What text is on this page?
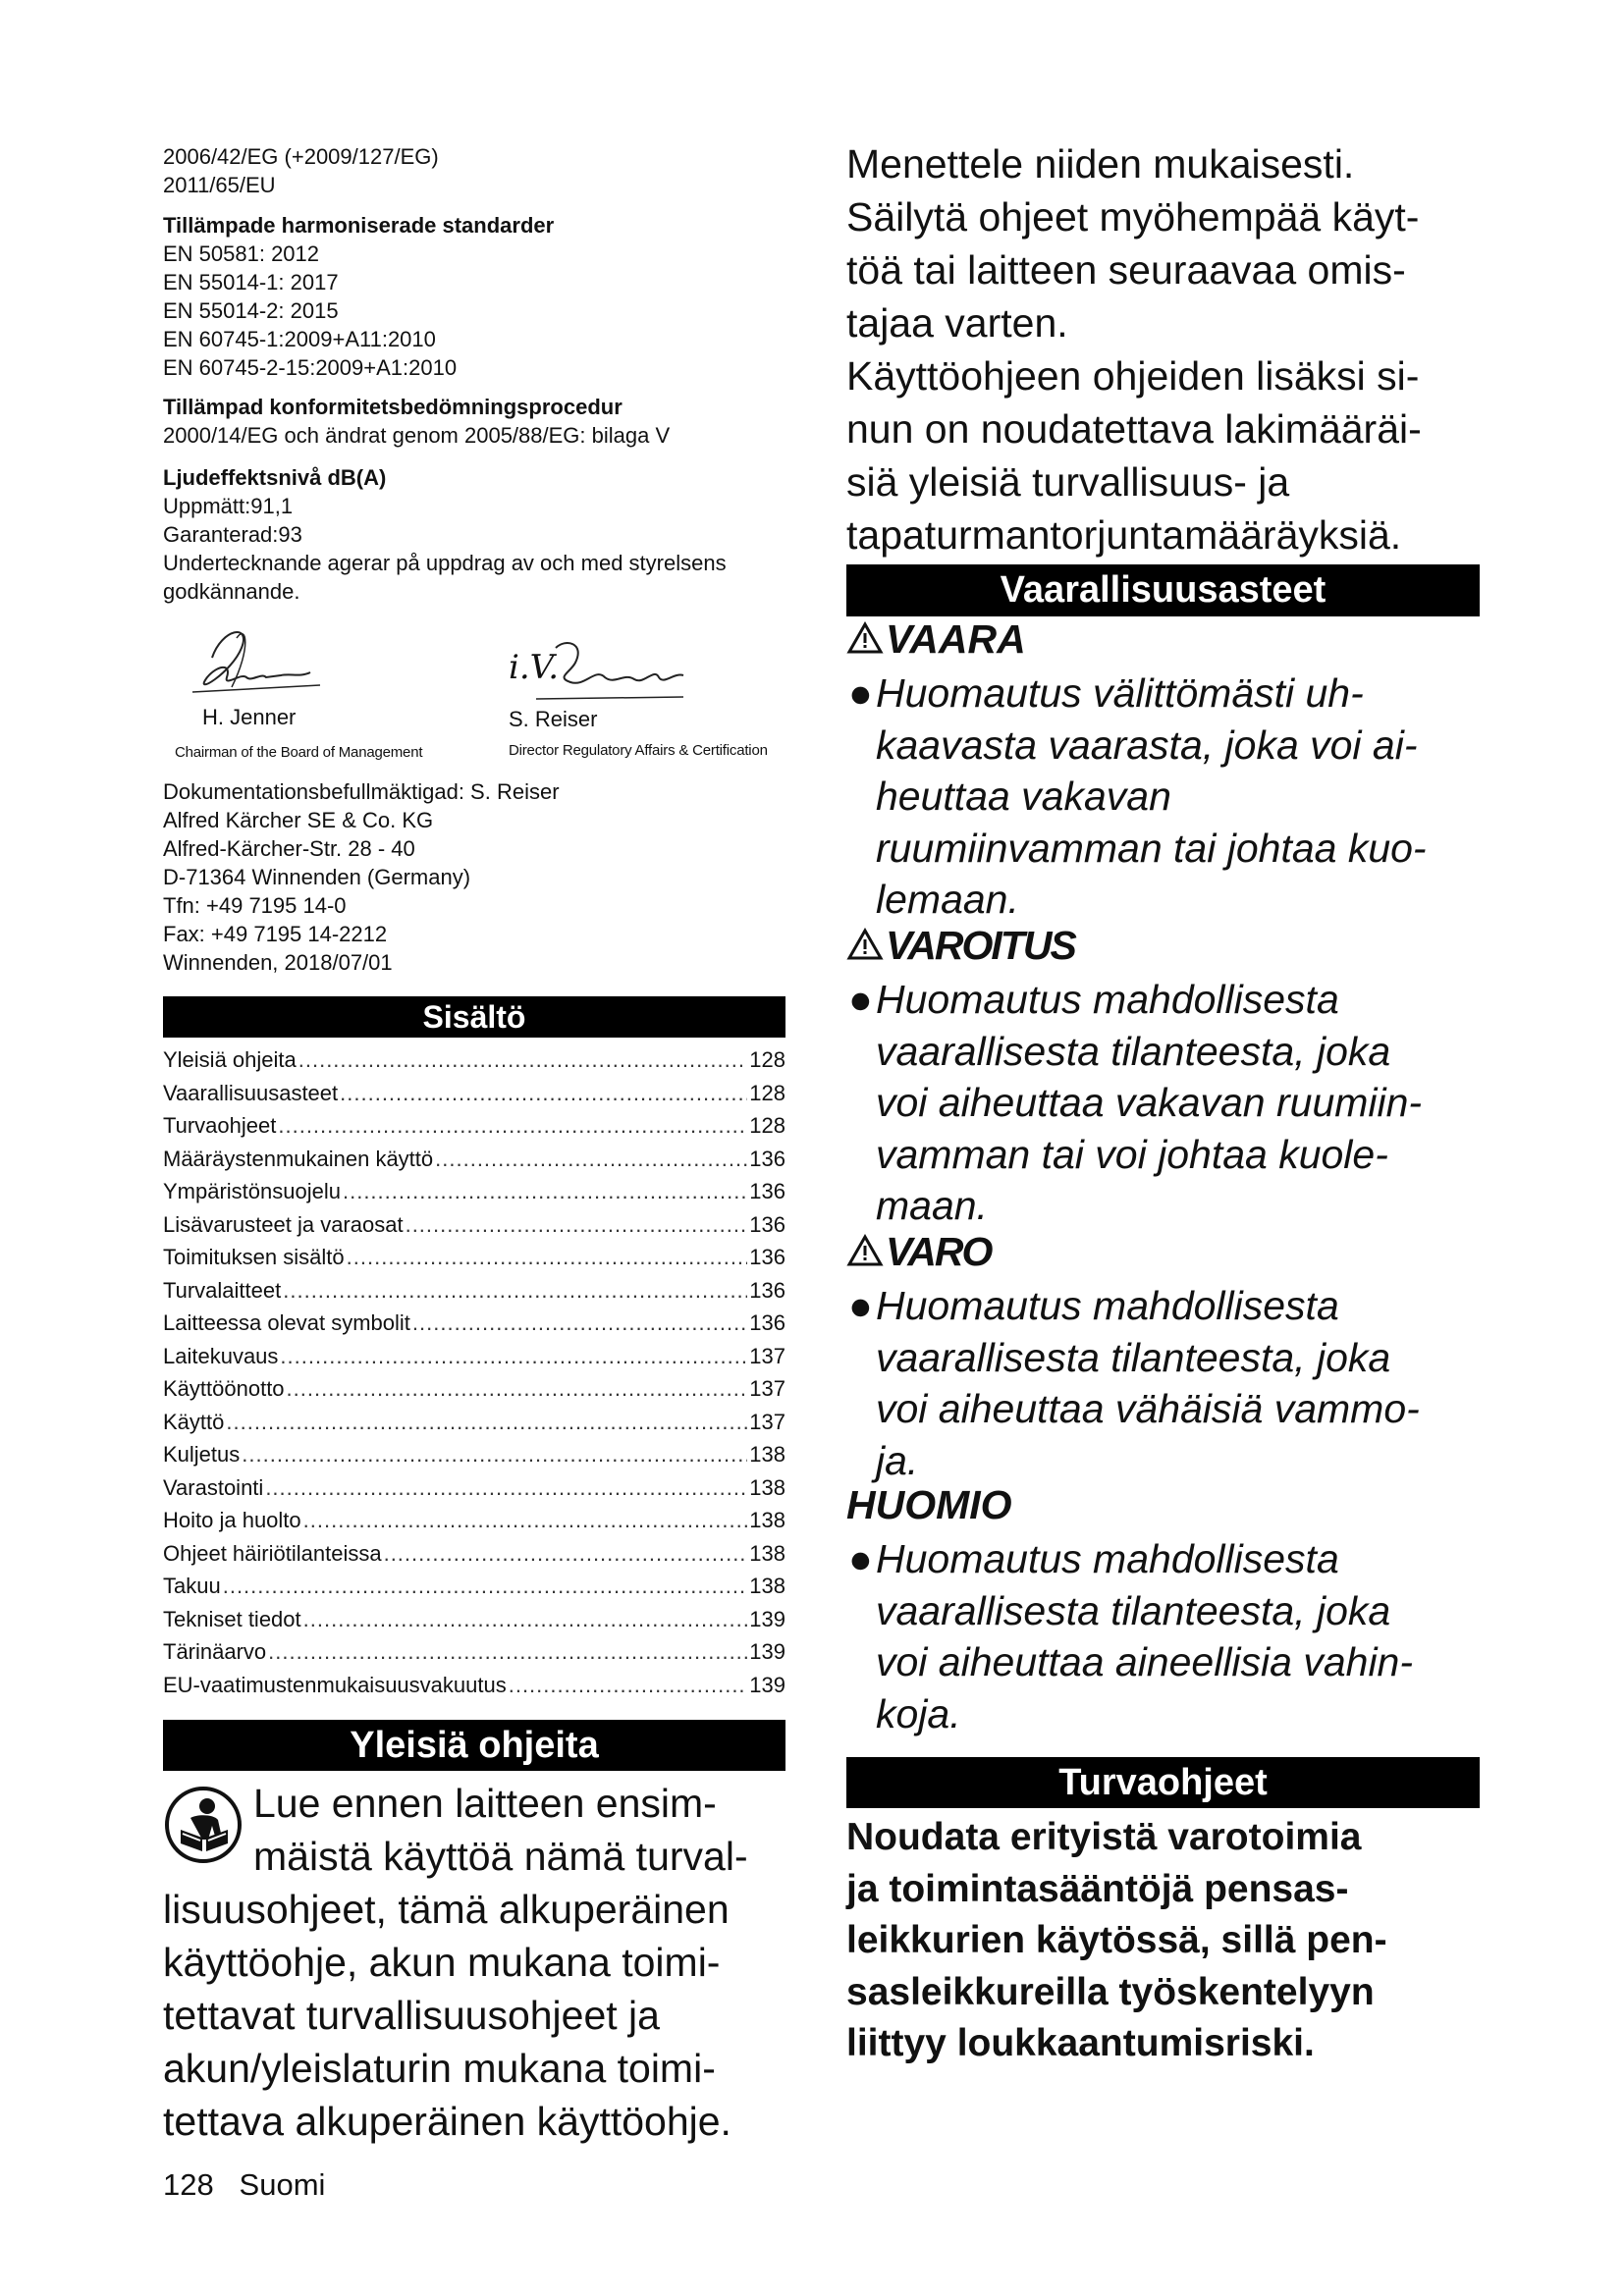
2006/42/EG (+2009/127/EG)
2011/65/EU
Tillämpade harmoniserade standarder
EN 50581: 2012
EN 55014-1: 2017
EN 55014-2: 2015
EN 60745-1:2009+A11:2010
EN 60745-2-15:2009+A1:2010
Tillämpad konformitetsbedömningsprocedur
2000/14/EG och ändrat genom 2005/88/EG: bilaga V
Ljudeffektsnivå dB(A)
Uppmätt:91,1
Garanterad:93
Undertecknande agerar på uppdrag av och med styrelsens godkännande.
H. Jenner
Chairman of the Board of Management
i.V.
S. Reiser
Director Regulatory Affairs & Certification
Dokumentationsbefullmäktigad: S. Reiser
Alfred Kärcher SE & Co. KG
Alfred-Kärcher-Str. 28 - 40
D-71364 Winnenden (Germany)
Tfn: +49 7195 14-0
Fax: +49 7195 14-2212
Winnenden, 2018/07/01
Sisältö
Yleisiä ohjeita .....	128
Vaarallisuusasteet .....	128
Turvaohjeet .....	128
Määräystenmukainen käyttö .....	136
Ympäristönsuojelu .....	136
Lisävarusteet ja varaosat .....	136
Toimituksen sisältö .....	136
Turvalaitteet .....	136
Laitteessa olevat symbolit .....	136
Laitekuvaus .....	137
Käyttöönotto .....	137
Käyttö .....	137
Kuljetus .....	138
Varastointi .....	138
Hoito ja huolto .....	138
Ohjeet häiriötilanteissa .....	138
Takuu .....	138
Tekniset tiedot .....	139
Tärinäarvo .....	139
EU-vaatimustenmukaisuusvakuutus .....	139
Yleisiä ohjeita
Lue ennen laitteen ensim-
mäistä käyttöä nämä turval-
lisuusohjeet, tämä alkuperäinen
käyttöohje, akun mukana toimi-
tettavat turvallisuusohjeet ja
akun/yleislaturin mukana toimi-
tettava alkuperäinen käyttöohje.
128   Suomi
Menettele niiden mukaisesti.
Säilytä ohjeet myöhempää käyt-
töä tai laitteen seuraavaa omis-
tajaa varten.
Käyttöohjeen ohjeiden lisäksi si-
nun on noudatettava lakimääräi-
siä yleisiä turvallisuus- ja
tapaturmantorjuntamääräyksiä.
Vaarallisuusasteet
VAARA
● Huomautus välittömästi uh-
kaavasta vaarasta, joka voi ai-
heuttaa vakavan
ruumiinvamman tai johtaa kuo-
lemaan.
VAROITUS
● Huomautus mahdollisesta
vaarallisesta tilanteesta, joka
voi aiheuttaa vakavan ruumiin-
vamman tai voi johtaa kuole-
maan.
VARO
● Huomautus mahdollisesta
vaarallisesta tilanteesta, joka
voi aiheuttaa vähäisiä vammo-
ja.
HUOMIO
● Huomautus mahdollisesta
vaarallisesta tilanteesta, joka
voi aiheuttaa aineellisia vahin-
koja.
Turvaohjeet
Noudata erityistä varotoimia
ja toimintasääntöjä pensas-
leikkurien käytössä, sillä pen-
sasleikkureilla työskentelyyn
liittyy loukkaantumisriski.
